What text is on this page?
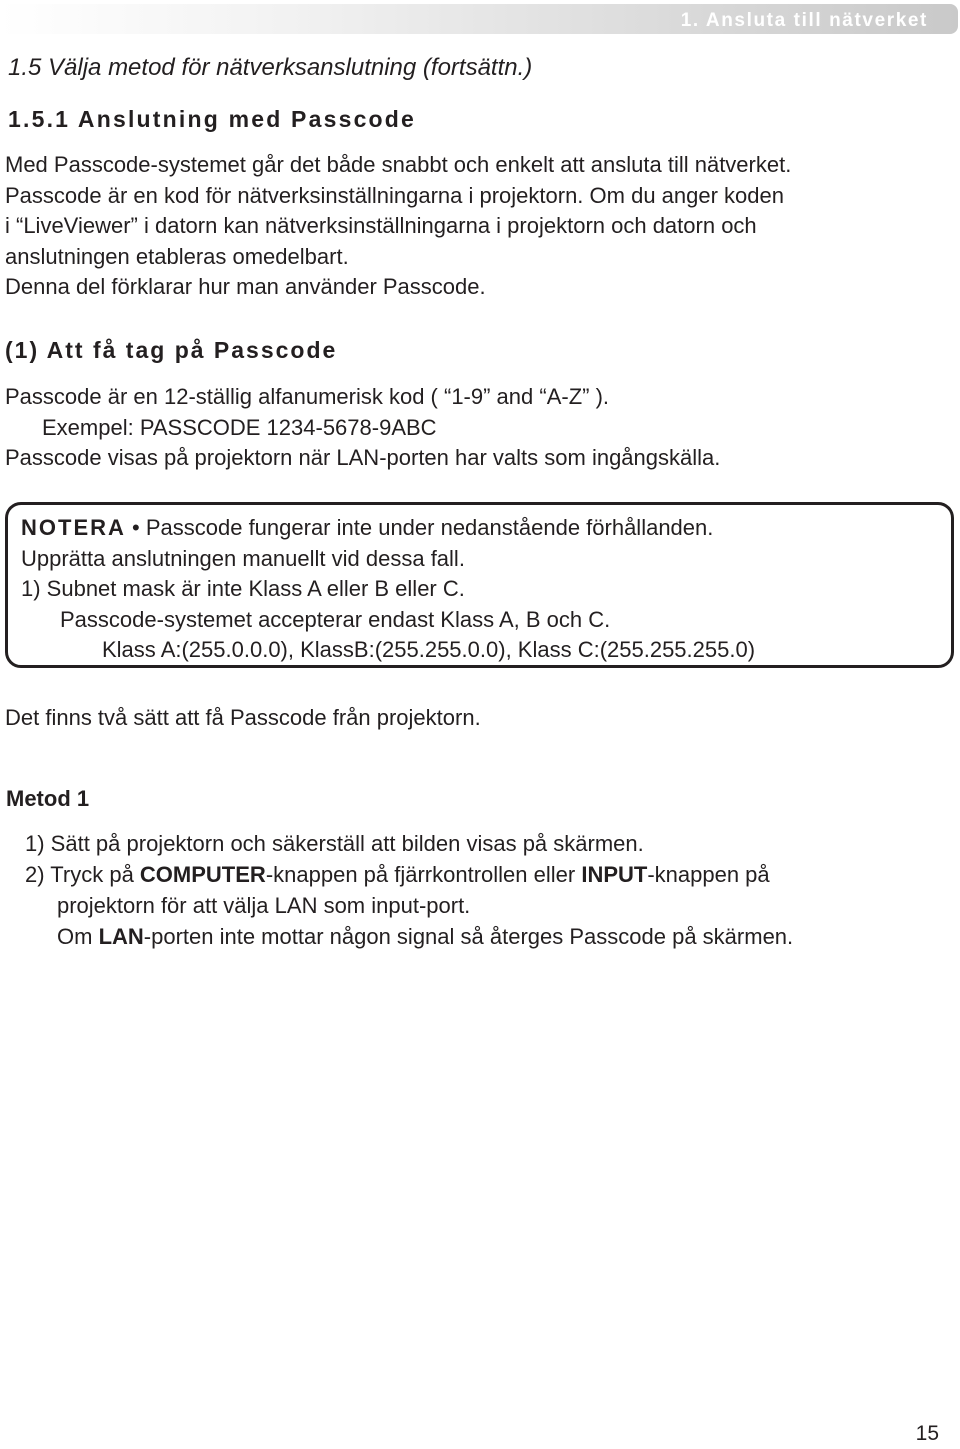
1. Ansluta till nätverket
1.5 Välja metod för nätverksanslutning (fortsättn.)
1.5.1 Anslutning med Passcode
Med Passcode-systemet går det både snabbt och enkelt att ansluta till nätverket.
Passcode är en kod för nätverksinställningarna i projektorn. Om du anger koden
i “LiveViewer” i datorn kan nätverksinställningarna i projektorn och datorn och
anslutningen etableras omedelbart.
Denna del förklarar hur man använder Passcode.
(1) Att få tag på Passcode
Passcode är en 12-ställig alfanumerisk kod ( “1-9” and “A-Z” ).
Exempel: PASSCODE 1234-5678-9ABC
Passcode visas på projektorn när LAN-porten har valts som ingångskälla.
NOTERA • Passcode fungerar inte under nedanstående förhållanden.
Upprätta anslutningen manuellt vid dessa fall.
1) Subnet mask är inte Klass A eller B eller C.
Passcode-systemet accepterar endast Klass A, B och C.
Klass A:(255.0.0.0), KlassB:(255.255.0.0), Klass C:(255.255.255.0)
Det finns två sätt att få Passcode från projektorn.
Metod 1
1) Sätt på projektorn och säkerställ att bilden visas på skärmen.
2) Tryck på COMPUTER-knappen på fjärrkontrollen eller INPUT-knappen på
projektorn för att välja LAN som input-port.
Om LAN-porten inte mottar någon signal så återges Passcode på skärmen.
15
